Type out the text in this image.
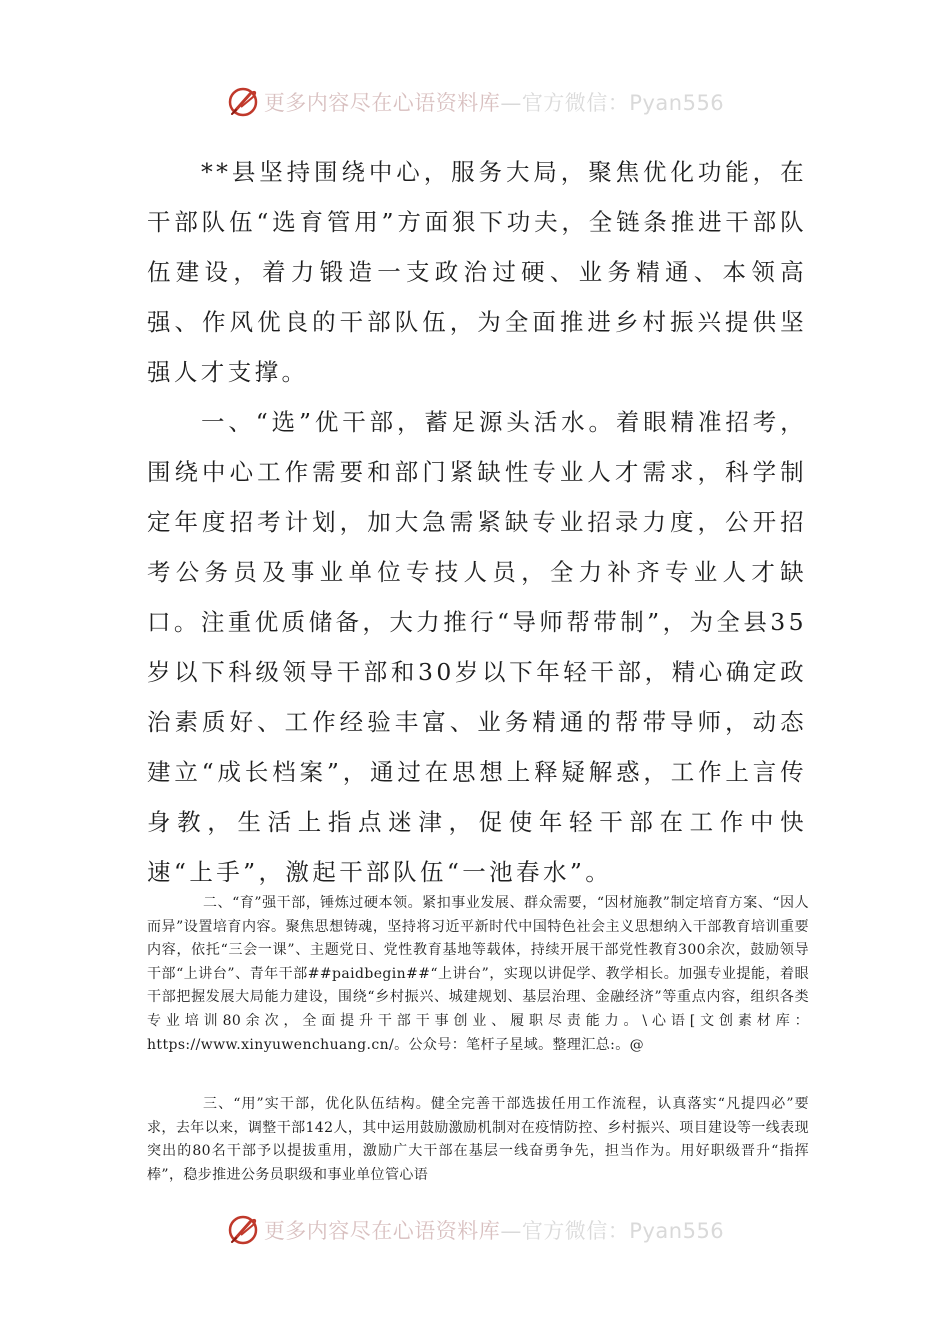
更多内容尽在心语资料库—官方微信：Pyan556

**县坚持围绕中心，服务大局，聚焦优化功能，在干部队伍“选育管用”方面狠下功夫，全链条推进干部队伍建设，着力锻造一支政治过硬、业务精通、本领高强、作风优良的干部队伍，为全面推进乡村振兴提供坚强人才支撑。

一、“选”优干部，蓄足源头活水。着眼精准招考，围绕中心工作需要和部门紧缺性专业人才需求，科学制定年度招考计划，加大急需紧缺专业招录力度，公开招考公务员及事业单位专技人员，全力补齐专业人才缺口。注重优质储备，大力推行“导师帮带制”，为全县35岁以下科级领导干部和30岁以下年轻干部，精心确定政治素质好、工作经验丰富、业务精通的帮带导师，动态建立“成长档案”，通过在思想上释疑解惑，工作上言传身教，生活上指点迷津，促使年轻干部在工作中快速“上手”，激起干部队伍“一池春水”。

二、“育”强干部，锤炼过硬本领。紧扣事业发展、群众需要，“因材施教”制定培育方案、“因人而异”设置培育内容。聚焦思想铸魂，坚持将习近平新时代中国特色社会主义思想纳入干部教育培训重要内容，依托“三会一课”、主题党日、党性教育基地等载体，持续开展干部党性教育300余次，鼓励领导干部“上讲台”、青年干部##paidbegin##“上讲台”，实现以讲促学、教学相长。加强专业提能，着眼干部把握发展大局能力建设，围绕“乡村振兴、城建规划、基层治理、金融经济”等重点内容，组织各类专业培训80余次，全面提升干部干事创业、履职尽责能力。\心语[文创素材库：https://www.xinyuwenchuang.cn/。公众号：笔杆子星域。整理汇总:。@

三、“用”实干部，优化队伍结构。健全完善干部选拔任用工作流程，认真落实“凡提四必”要求，去年以来，调整干部142人，其中运用鼓励激励机制对在疫情防控、乡村振兴、项目建设等一线表现突出的80名干部予以提拔重用，激励广大干部在基层一线奋勇争先，担当作为。用好职级晋升“指挥棒”，稳步推进公务员职级和事业单位管心语

更多内容尽在心语资料库—官方微信：Pyan556
